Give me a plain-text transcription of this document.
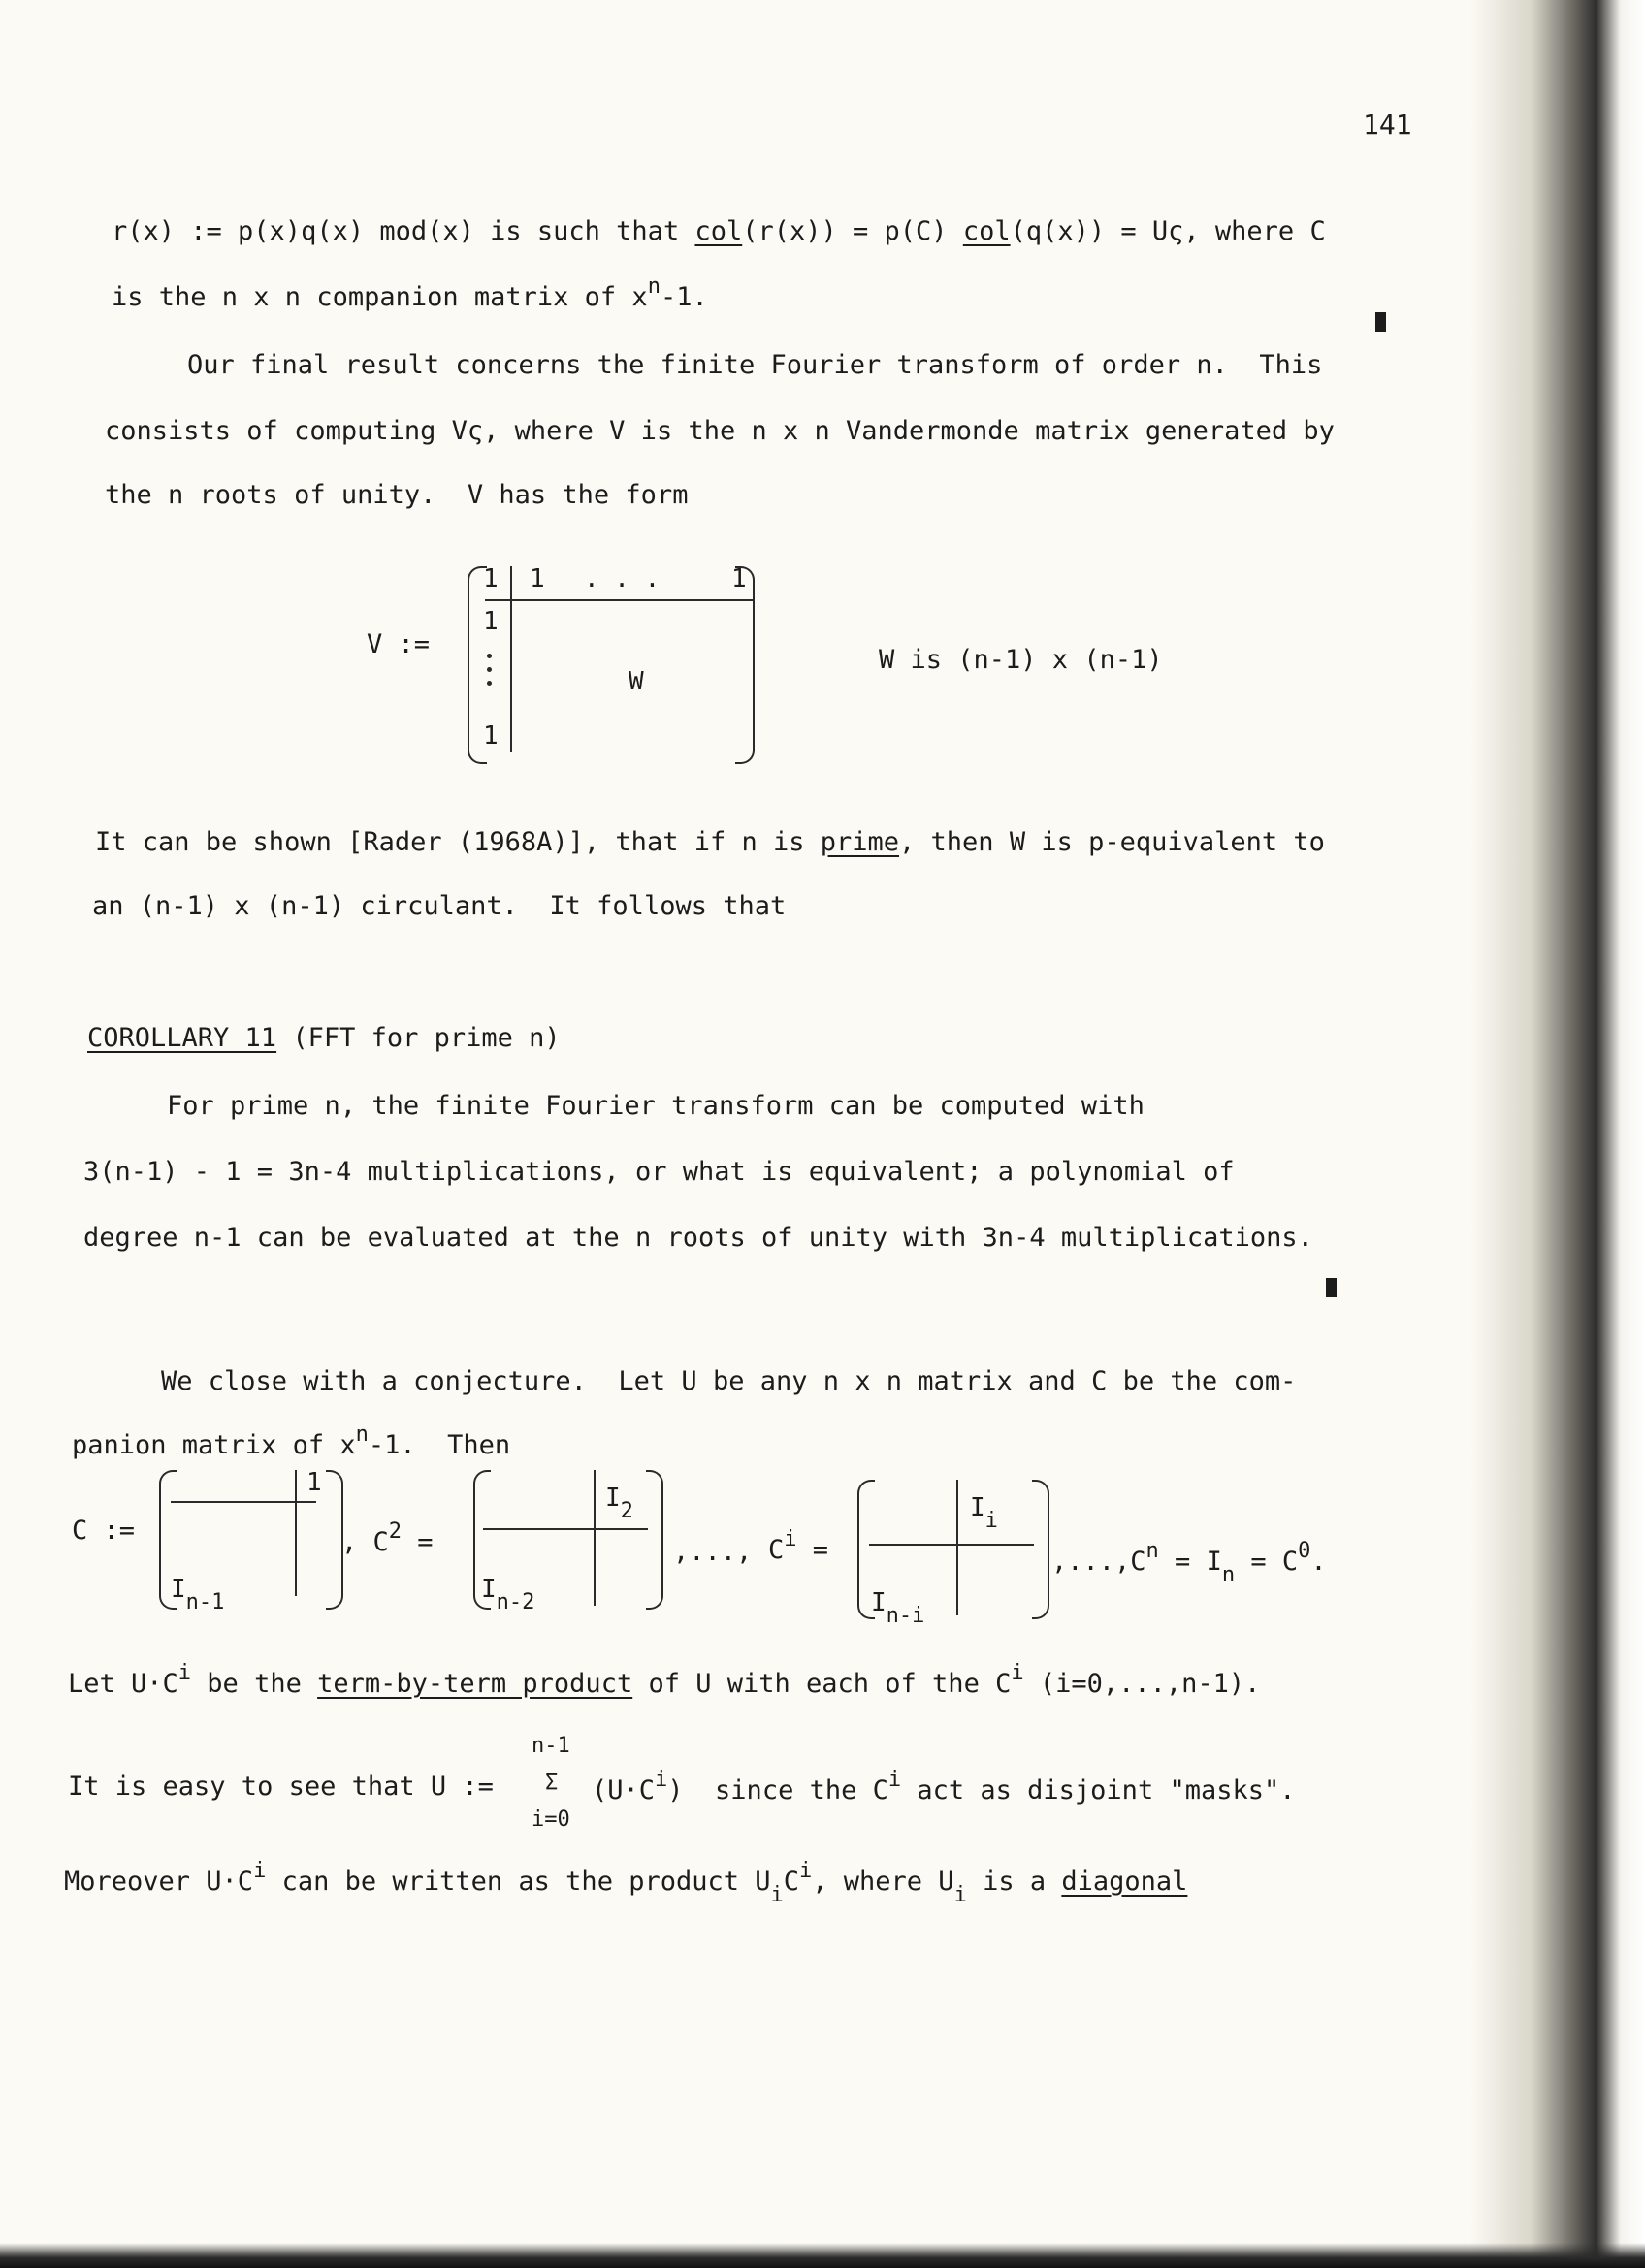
141
r(x) := p(x)q(x) mod(x) is such that col(r(x)) = p(C) col(q(x)) = Uς, where C
is the n x n companion matrix of $x^n-1$.
Our final result concerns the finite Fourier transform of order n.  This
consists of computing Vς, where V is the n x n Vandermonde matrix generated by
the n roots of unity.  V has the form
V :=
1 1 . . .	1
1
1
W
W is (n-1) x (n-1)
It can be shown [Rader (1968A)], that if n is prime, then W is p-equivalent to
an (n-1) x (n-1) circulant.  It follows that
COROLLARY 11 (FFT for prime n)
For prime n, the finite Fourier transform can be computed with
3(n-1) - 1 = 3n-4 multiplications, or what is equivalent; a polynomial of
degree n-1 can be evaluated at the n roots of unity with 3n-4 multiplications.
We close with a conjecture.  Let U be any n x n matrix and C be the com-
panion matrix of $x^n-1$.  Then
C :=
1
$I_{n-1}$
, $C^2$ =
$I_2$
$I_{n-2}$
,..., $C^i$ =
$I_i$
$I_{n-i}$
$,...,C^n = I_n = C^0$.
Let $U\cdot C^i$ be the term-by-term product of U with each of the $C^i$ (i=0,...,n-1).
It is easy to see that U :=
n-1
Σ
i=0
$(U\cdot C^i)$  since the $C^i$ act as disjoint "masks".
Moreover $U\cdot C^i$ can be written as the product $U_iC^i$, where $U_i$ is a diagonal
